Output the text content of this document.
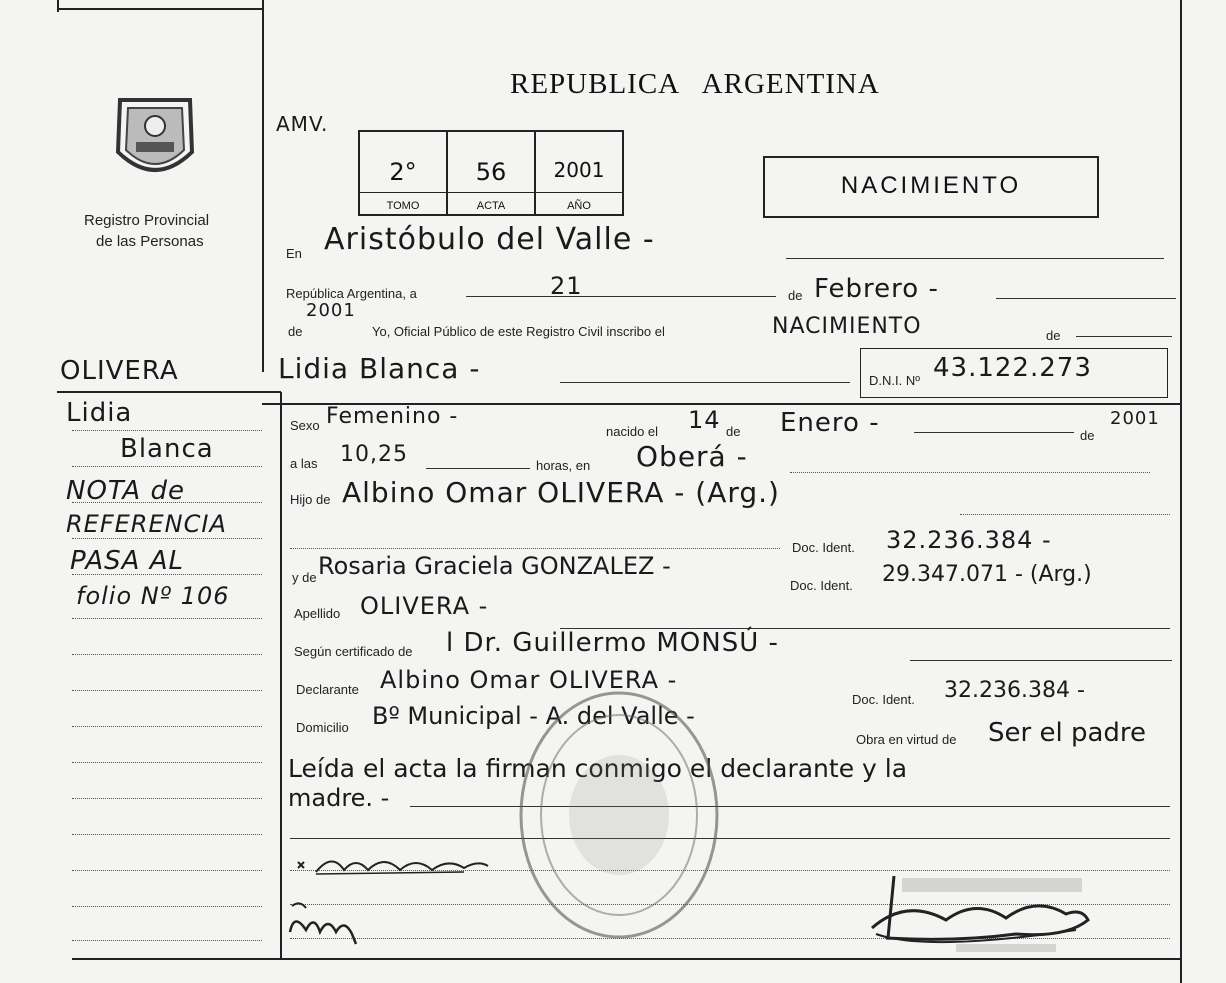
Registro Provincial
de las Personas
REPUBLICA   ARGENTINA
AMV.
2°
TOMO
56
ACTA
2001
AÑO
NACIMIENTO
OLIVERA
Lidia
Blanca
NOTA de
REFERENCIA
PASA AL
folio Nº 106
En Aristóbulo del Valle -
República Argentina, a	21	de Febrero -
2001
de	Yo, Oficial Público de este Registro Civil inscribo el	NACIMIENTO	de
Lidia Blanca -	D.N.I. Nº 43.122.273
Sexo Femenino -
nacido el 14 de Enero -	de
2001
a las 10,25	horas, en Oberá -
Hijo de Albino Omar OLIVERA - (Arg.)
Doc. Ident. 32.236.384 -
y de Rosaria Graciela GONZALEZ -
Doc. Ident. 29.347.071 - (Arg.)
Apellido OLIVERA -
Según certificado de l Dr. Guillermo MONSÚ -
Declarante Albino Omar OLIVERA -
Doc. Ident. 32.236.384 -
Domicilio Bº Municipal - A. del Valle -
Obra en virtud de Ser el padre
Leída el acta la firman conmigo el declarante y la
madre. -
